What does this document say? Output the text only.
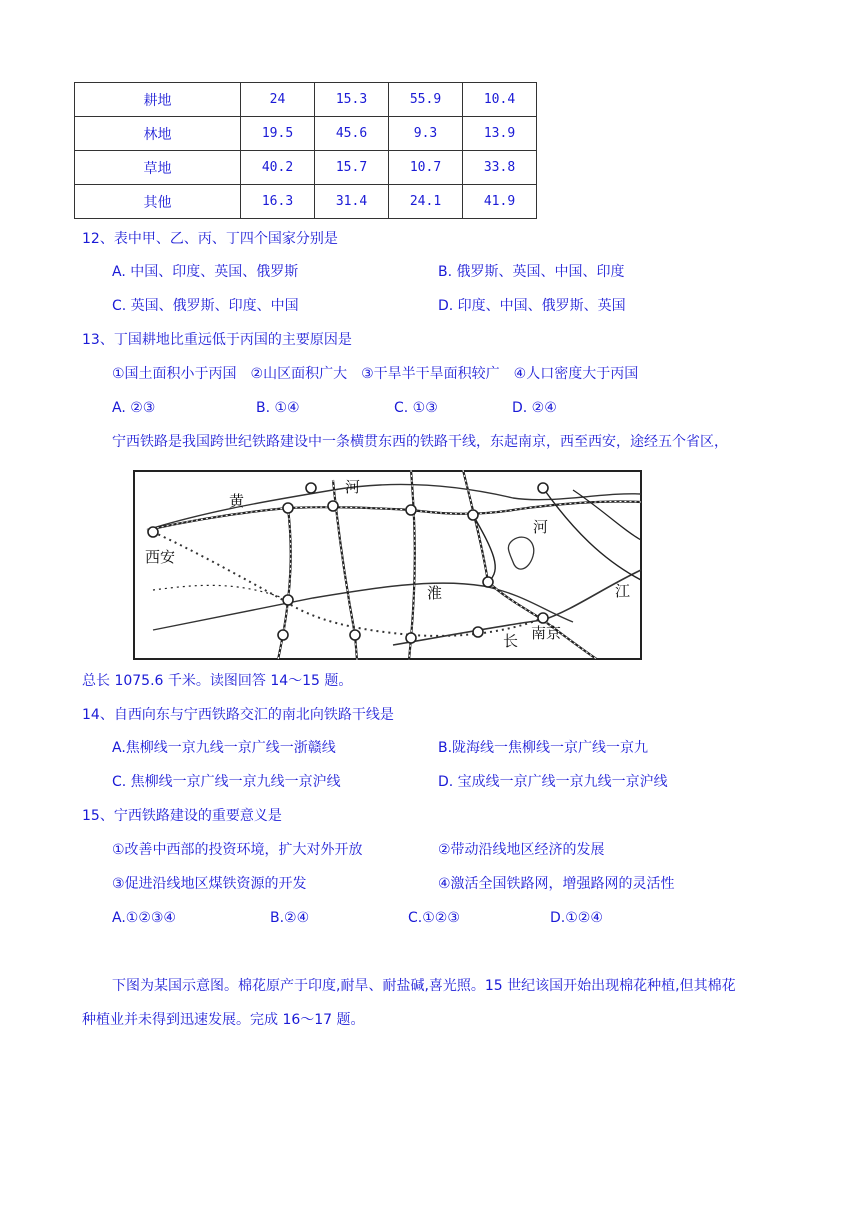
耕地	24	15.3	55.9	10.4
林地	19.5	45.6	9.3	13.9
草地	40.2	15.7	10.7	33.8
其他	16.3	31.4	24.1	41.9
12、表中甲、乙、丙、丁四个国家分别是
A. 中国、印度、英国、俄罗斯	B. 俄罗斯、英国、中国、印度
C. 英国、俄罗斯、印度、中国	D. 印度、中国、俄罗斯、英国
13、丁国耕地比重远低于丙国的主要原因是
①国土面积小于丙国　②山区面积广大　③干旱半干旱面积较广　④人口密度大于丙国
A. ②③	B. ①④	C. ①③	D. ②④
宁西铁路是我国跨世纪铁路建设中一条横贯东西的铁路干线，东起南京，西至西安，途经五个省区，
西安
南京
黄
河
河
淮	江
长
总长 1075.6 千米。读图回答 14～15 题。
14、自西向东与宁西铁路交汇的南北向铁路干线是
A.焦柳线一京九线一京广线一浙赣线	B.陇海线一焦柳线一京广线一京九
C. 焦柳线一京广线一京九线一京沪线	D. 宝成线一京广线一京九线一京沪线
15、宁西铁路建设的重要意义是
①改善中西部的投资环境，扩大对外开放	②带动沿线地区经济的发展
③促进沿线地区煤铁资源的开发	④激活全国铁路网，增强路网的灵活性
A.①②③④	B.②④	C.①②③	D.①②④
下图为某国示意图。棉花原产于印度,耐旱、耐盐碱,喜光照。15 世纪该国开始出现棉花种植,但其棉花
种植业并未得到迅速发展。完成 16～17 题。
